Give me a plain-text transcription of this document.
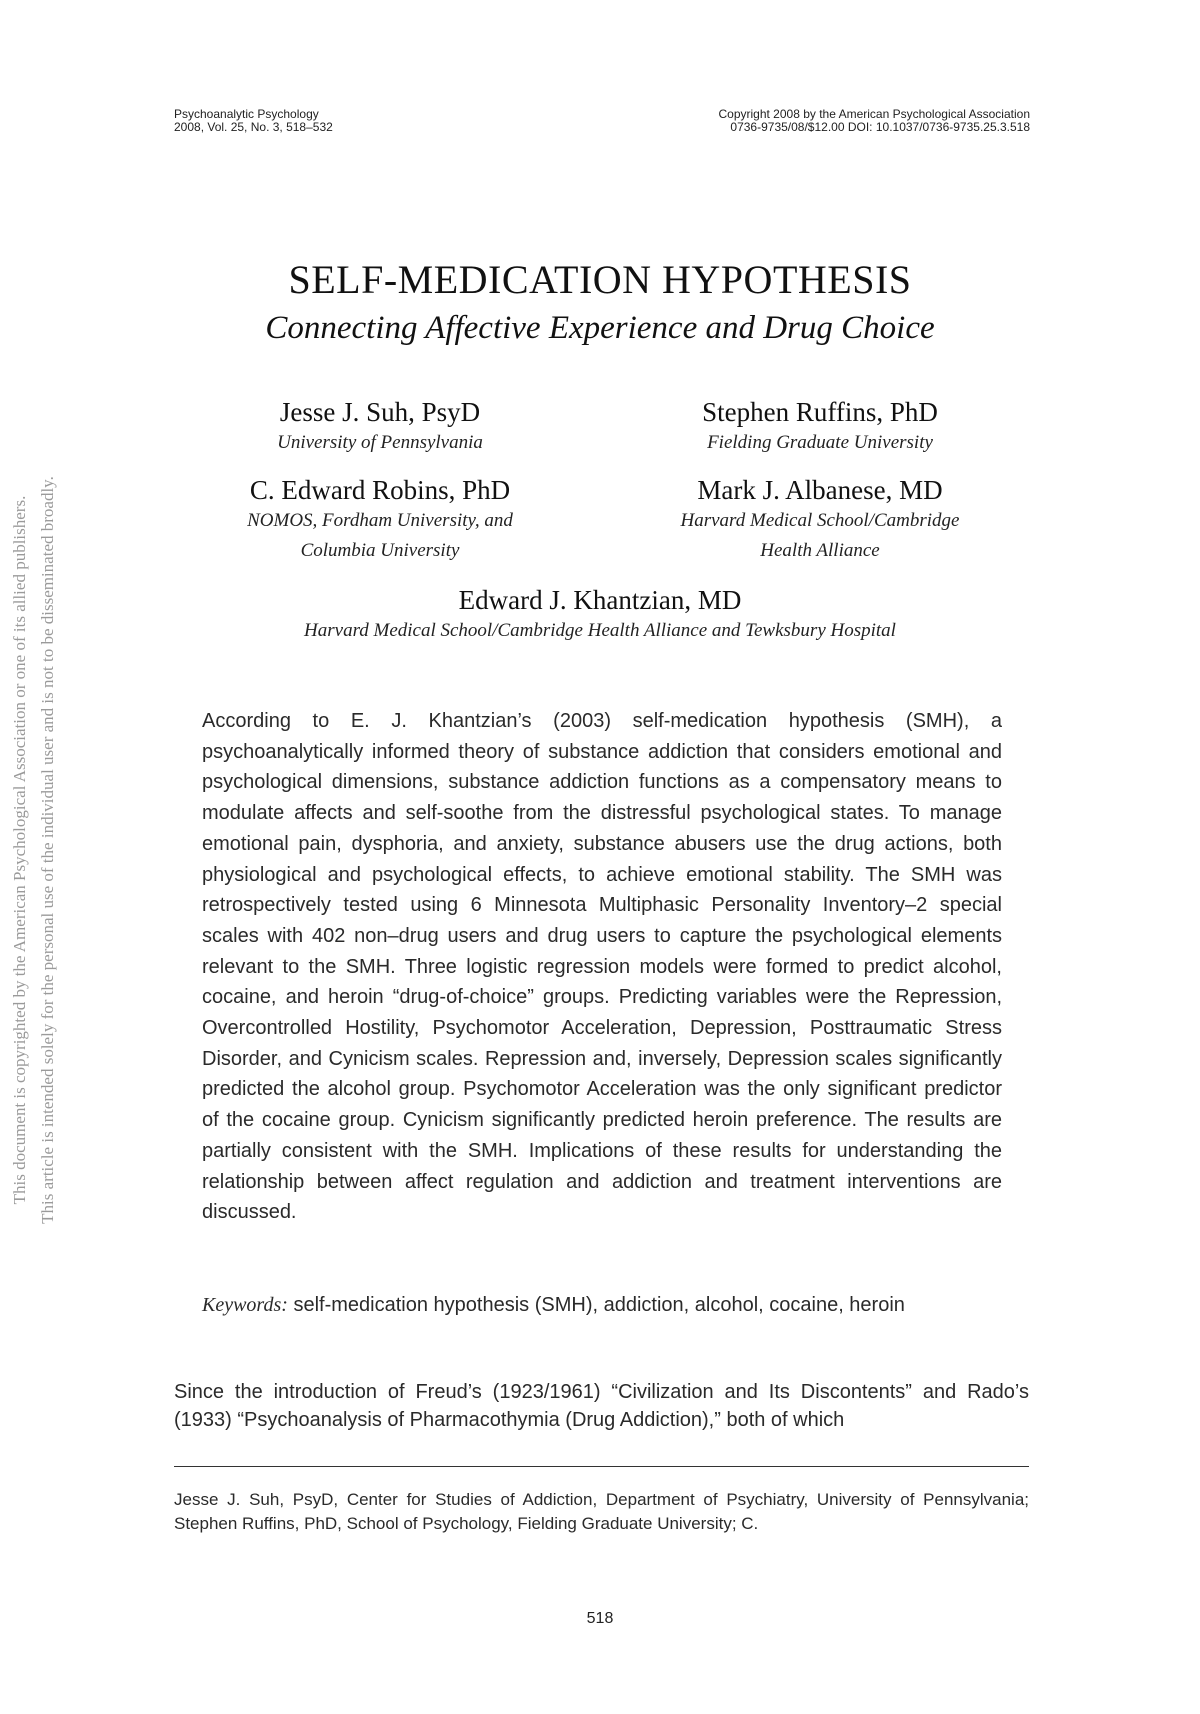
Psychoanalytic Psychology
2008, Vol. 25, No. 3, 518–532
Copyright 2008 by the American Psychological Association
0736-9735/08/$12.00 DOI: 10.1037/0736-9735.25.3.518
This document is copyrighted by the American Psychological Association or one of its allied publishers. This article is intended solely for the personal use of the individual user and is not to be disseminated broadly.
SELF-MEDICATION HYPOTHESIS
Connecting Affective Experience and Drug Choice
Jesse J. Suh, PsyD
University of Pennsylvania
Stephen Ruffins, PhD
Fielding Graduate University
C. Edward Robins, PhD
NOMOS, Fordham University, and
Columbia University
Mark J. Albanese, MD
Harvard Medical School/Cambridge
Health Alliance
Edward J. Khantzian, MD
Harvard Medical School/Cambridge Health Alliance and Tewksbury Hospital
According to E. J. Khantzian’s (2003) self-medication hypothesis (SMH), a psychoanalytically informed theory of substance addiction that considers emotional and psychological dimensions, substance addiction functions as a compensatory means to modulate affects and self-soothe from the distressful psychological states. To manage emotional pain, dysphoria, and anxiety, substance abusers use the drug actions, both physiological and psychological effects, to achieve emotional stability. The SMH was retrospectively tested using 6 Minnesota Multiphasic Personality Inventory–2 special scales with 402 non–drug users and drug users to capture the psychological elements relevant to the SMH. Three logistic regression models were formed to predict alcohol, cocaine, and heroin “drug-of-choice” groups. Predicting variables were the Repression, Overcontrolled Hostility, Psychomotor Acceleration, Depression, Posttraumatic Stress Disorder, and Cynicism scales. Repression and, inversely, Depression scales significantly predicted the alcohol group. Psychomotor Acceleration was the only significant predictor of the cocaine group. Cynicism significantly predicted heroin preference. The results are partially consistent with the SMH. Implications of these results for understanding the relationship between affect regulation and addiction and treatment interventions are discussed.
Keywords: self-medication hypothesis (SMH), addiction, alcohol, cocaine, heroin
Since the introduction of Freud’s (1923/1961) “Civilization and Its Discontents” and Rado’s (1933) “Psychoanalysis of Pharmacothymia (Drug Addiction),” both of which
Jesse J. Suh, PsyD, Center for Studies of Addiction, Department of Psychiatry, University of Pennsylvania; Stephen Ruffins, PhD, School of Psychology, Fielding Graduate University; C.
518
